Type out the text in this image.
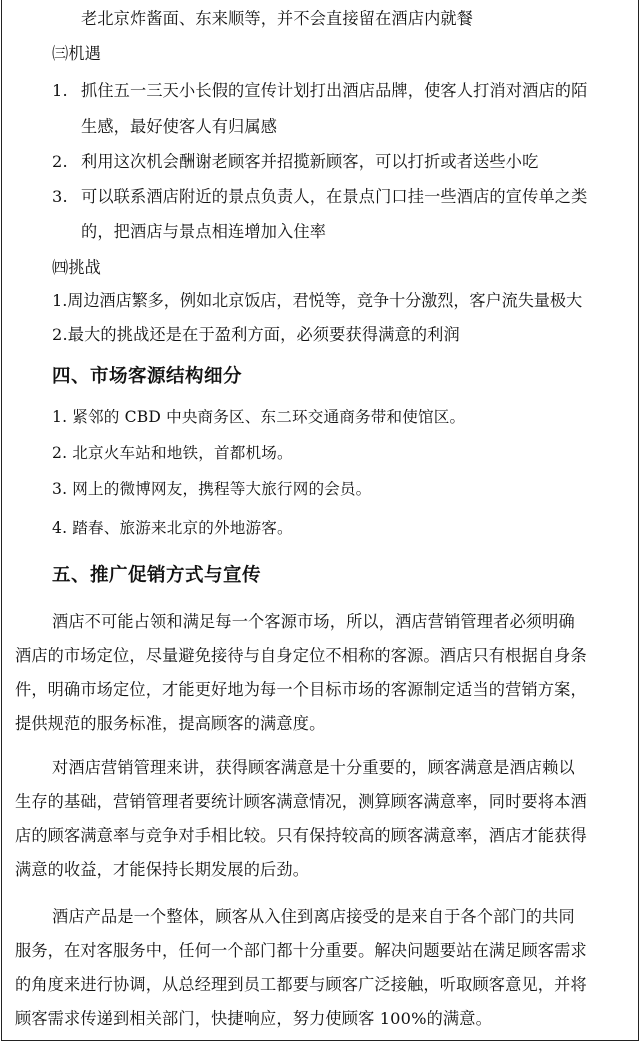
老北京炸酱面、东来顺等，并不会直接留在酒店内就餐
㈢机遇
1. 抓住五一三天小长假的宣传计划打出酒店品牌，使客人打消对酒店的陌
生感，最好使客人有归属感
2. 利用这次机会酬谢老顾客并招揽新顾客，可以打折或者送些小吃
3. 可以联系酒店附近的景点负责人，在景点门口挂一些酒店的宣传单之类
的，把酒店与景点相连增加入住率
㈣挑战
1.周边酒店繁多，例如北京饭店，君悦等，竞争十分激烈，客户流失量极大
2.最大的挑战还是在于盈利方面，必须要获得满意的利润
四、市场客源结构细分
1. 紧邻的 CBD 中央商务区、东二环交通商务带和使馆区。
2. 北京火车站和地铁，首都机场。
3. 网上的微博网友，携程等大旅行网的会员。
4. 踏春、旅游来北京的外地游客。
五、推广促销方式与宣传
酒店不可能占领和满足每一个客源市场，所以，酒店营销管理者必须明确
酒店的市场定位，尽量避免接待与自身定位不相称的客源。酒店只有根据自身条
件，明确市场定位，才能更好地为每一个目标市场的客源制定适当的营销方案，
提供规范的服务标准，提高顾客的满意度。
对酒店营销管理来讲，获得顾客满意是十分重要的，顾客满意是酒店赖以
生存的基础，营销管理者要统计顾客满意情况，测算顾客满意率，同时要将本酒
店的顾客满意率与竞争对手相比较。只有保持较高的顾客满意率，酒店才能获得
满意的收益，才能保持长期发展的后劲。
酒店产品是一个整体，顾客从入住到离店接受的是来自于各个部门的共同
服务，在对客服务中，任何一个部门都十分重要。解决问题要站在满足顾客需求
的角度来进行协调，从总经理到员工都要与顾客广泛接触，听取顾客意见，并将
顾客需求传递到相关部门，快捷响应，努力使顾客 100%的满意。
